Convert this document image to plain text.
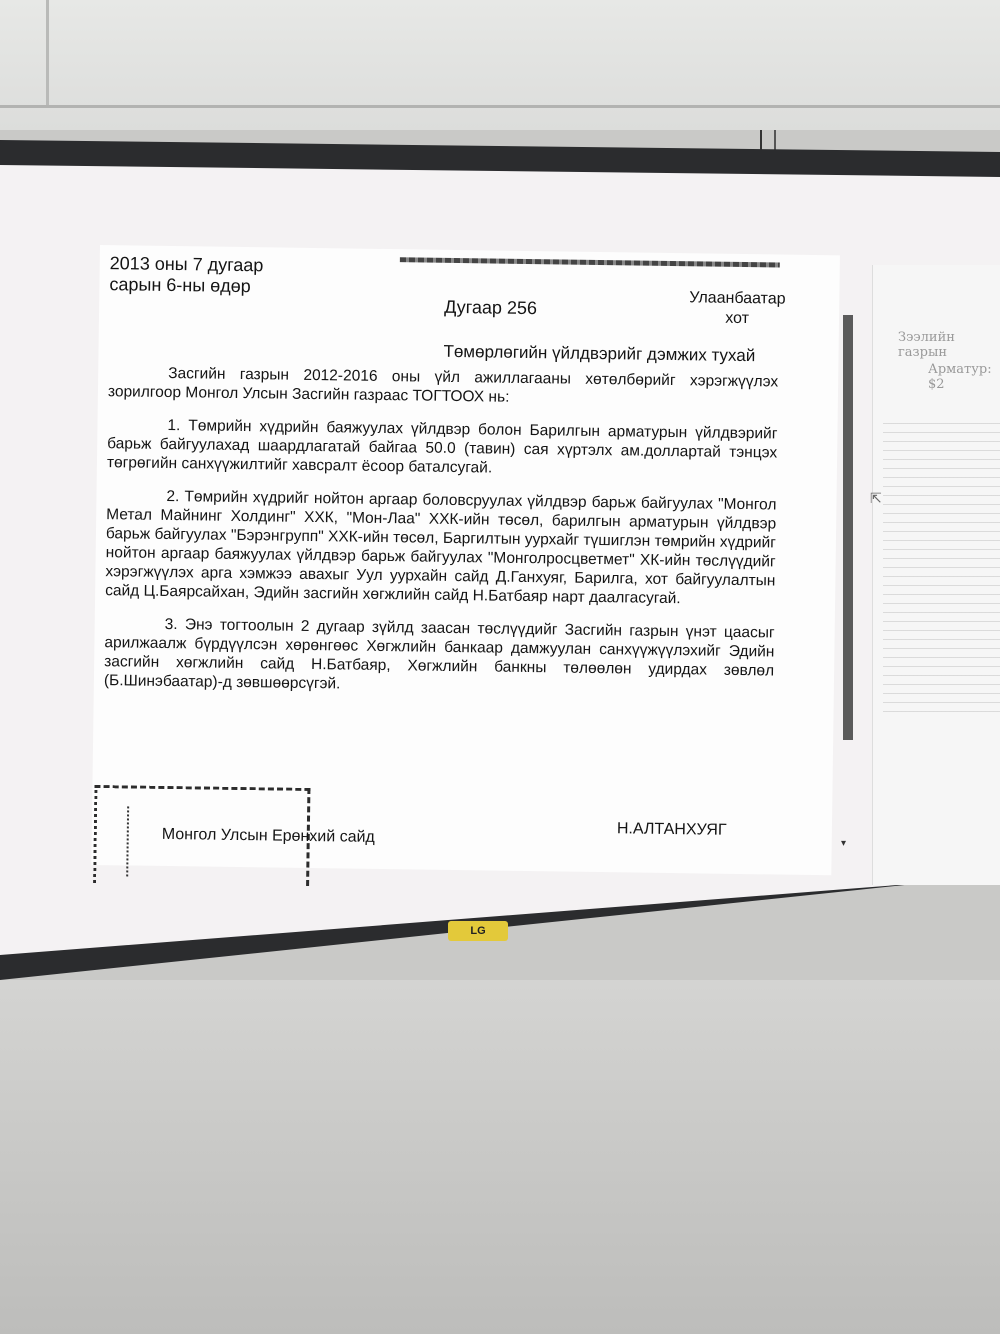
2013 оны 7 дугаар
сарын 6-ны өдөр
Дугаар 256	Улаанбаатар
хот
Төмөрлөгийн үйлдвэрийг дэмжих тухай

Засгийн газрын 2012-2016 оны үйл ажиллагааны хөтөлбөрийг хэрэгжүүлэх зорилгоор Монгол Улсын Засгийн газраас ТОГТООХ нь:

1. Төмрийн хүдрийн баяжуулах үйлдвэр болон Барилгын арматурын үйлдвэрийг барьж байгуулахад шаардлагатай байгаа 50.0 (тавин) сая хүртэлх ам.доллартай тэнцэх төгрөгийн санхүүжилтийг хавсралт ёсоор баталсугай.

2. Төмрийн хүдрийг нойтон аргаар боловсруулах үйлдвэр барьж байгуулах "Монгол Метал Майнинг Холдинг" ХХК, "Мон-Лаа" ХХК-ийн төсөл, барилгын арматурын үйлдвэр барьж байгуулах "Бэрэнгрупп" ХХК-ийн төсөл, Баргилтын уурхайг түшиглэн төмрийн хүдрийг нойтон аргаар баяжуулах үйлдвэр барьж байгуулах "Монголросцветмет" ХК-ийн төслүүдийг хэрэгжүүлэх арга хэмжээ авахыг Уул уурхайн сайд Д.Ганхуяг, Барилга, хот байгуулалтын сайд Ц.Баярсайхан, Эдийн засгийн хөгжлийн сайд Н.Батбаяр нарт даалгасугай.

3. Энэ тогтоолын 2 дугаар зүйлд заасан төслүүдийг Засгийн газрын үнэт цаасыг арилжаалж бүрдүүлсэн хөрөнгөөс Хөгжлийн банкаар дамжуулан санхүүжүүлэхийг Эдийн засгийн хөгжлийн сайд Н.Батбаяр, Хөгжлийн банкны төлөөлөн удирдах зөвлөл (Б.Шинэбаатар)-д зөвшөөрсүгэй.

Монгол Улсын Ерөнхий сайд	Н.АЛТАНХУЯГ
▾
Зээлийн газрын
Арматур: $2
⇱
LG
